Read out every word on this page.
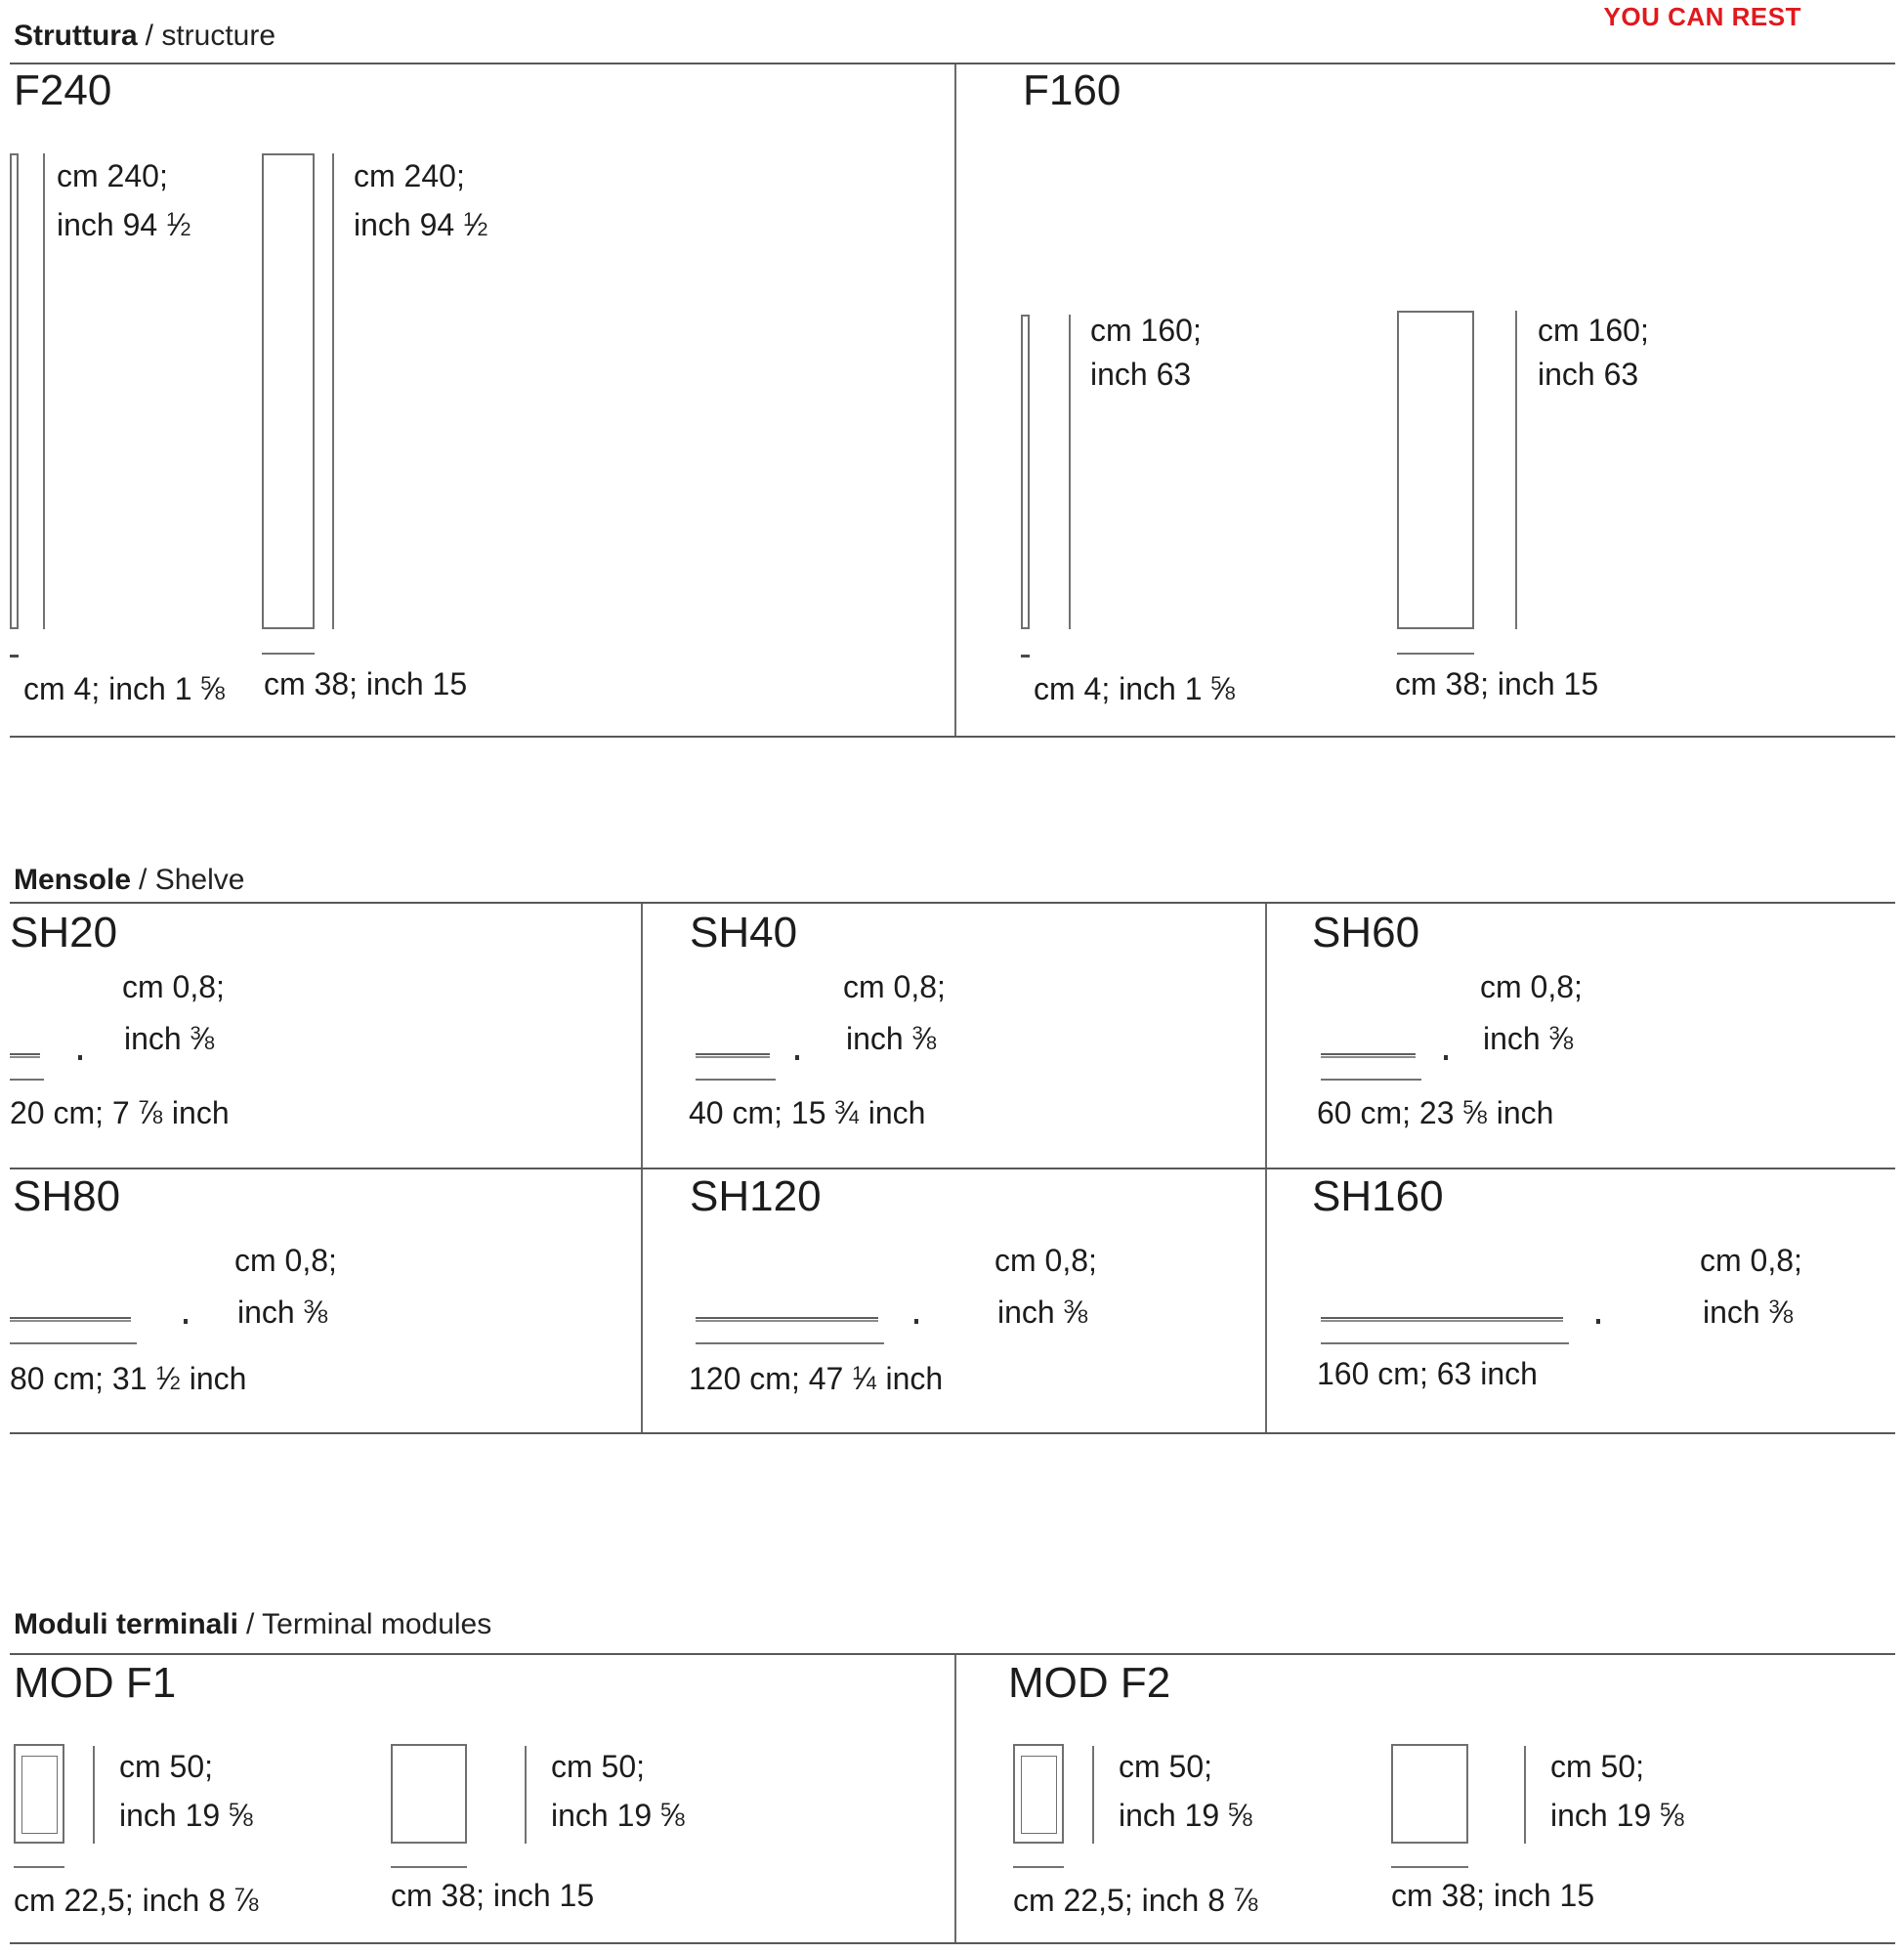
YOU CAN REST
Struttura / structure
F240
cm 240;
inch 94 $^1$⁄2
cm 4; inch 1 $^5$⁄8
cm 240;
inch 94 $^1$⁄2
cm 38; inch 15
F160
cm 160;
inch 63
cm 4; inch 1 $^5$⁄8
cm 160;
inch 63
cm 38; inch 15
Mensole / Shelve
SH20
cm 0,8;
inch $^3$⁄8
20 cm; 7 $^7$⁄8 inch
SH40
cm 0,8;
inch $^3$⁄8
40 cm; 15 $^3$⁄4 inch
SH60
cm 0,8;
inch $^3$⁄8
60 cm; 23 $^5$⁄8 inch
SH80
cm 0,8;
inch $^3$⁄8
80 cm; 31 $^1$⁄2 inch
SH120
cm 0,8;
inch $^3$⁄8
120 cm; 47 $^1$⁄4 inch
SH160
cm 0,8;
inch $^3$⁄8
160 cm; 63 inch
Moduli terminali / Terminal modules
MOD F1
cm 50;
inch 19 $^5$⁄8
cm 50;
inch 19 $^5$⁄8
cm 22,5; inch 8 $^7$⁄8	cm 38; inch 15
MOD F2
cm 50;
inch 19 $^5$⁄8
cm 50;
inch 19 $^5$⁄8
cm 22,5; inch 8 $^7$⁄8	cm 38; inch 15
